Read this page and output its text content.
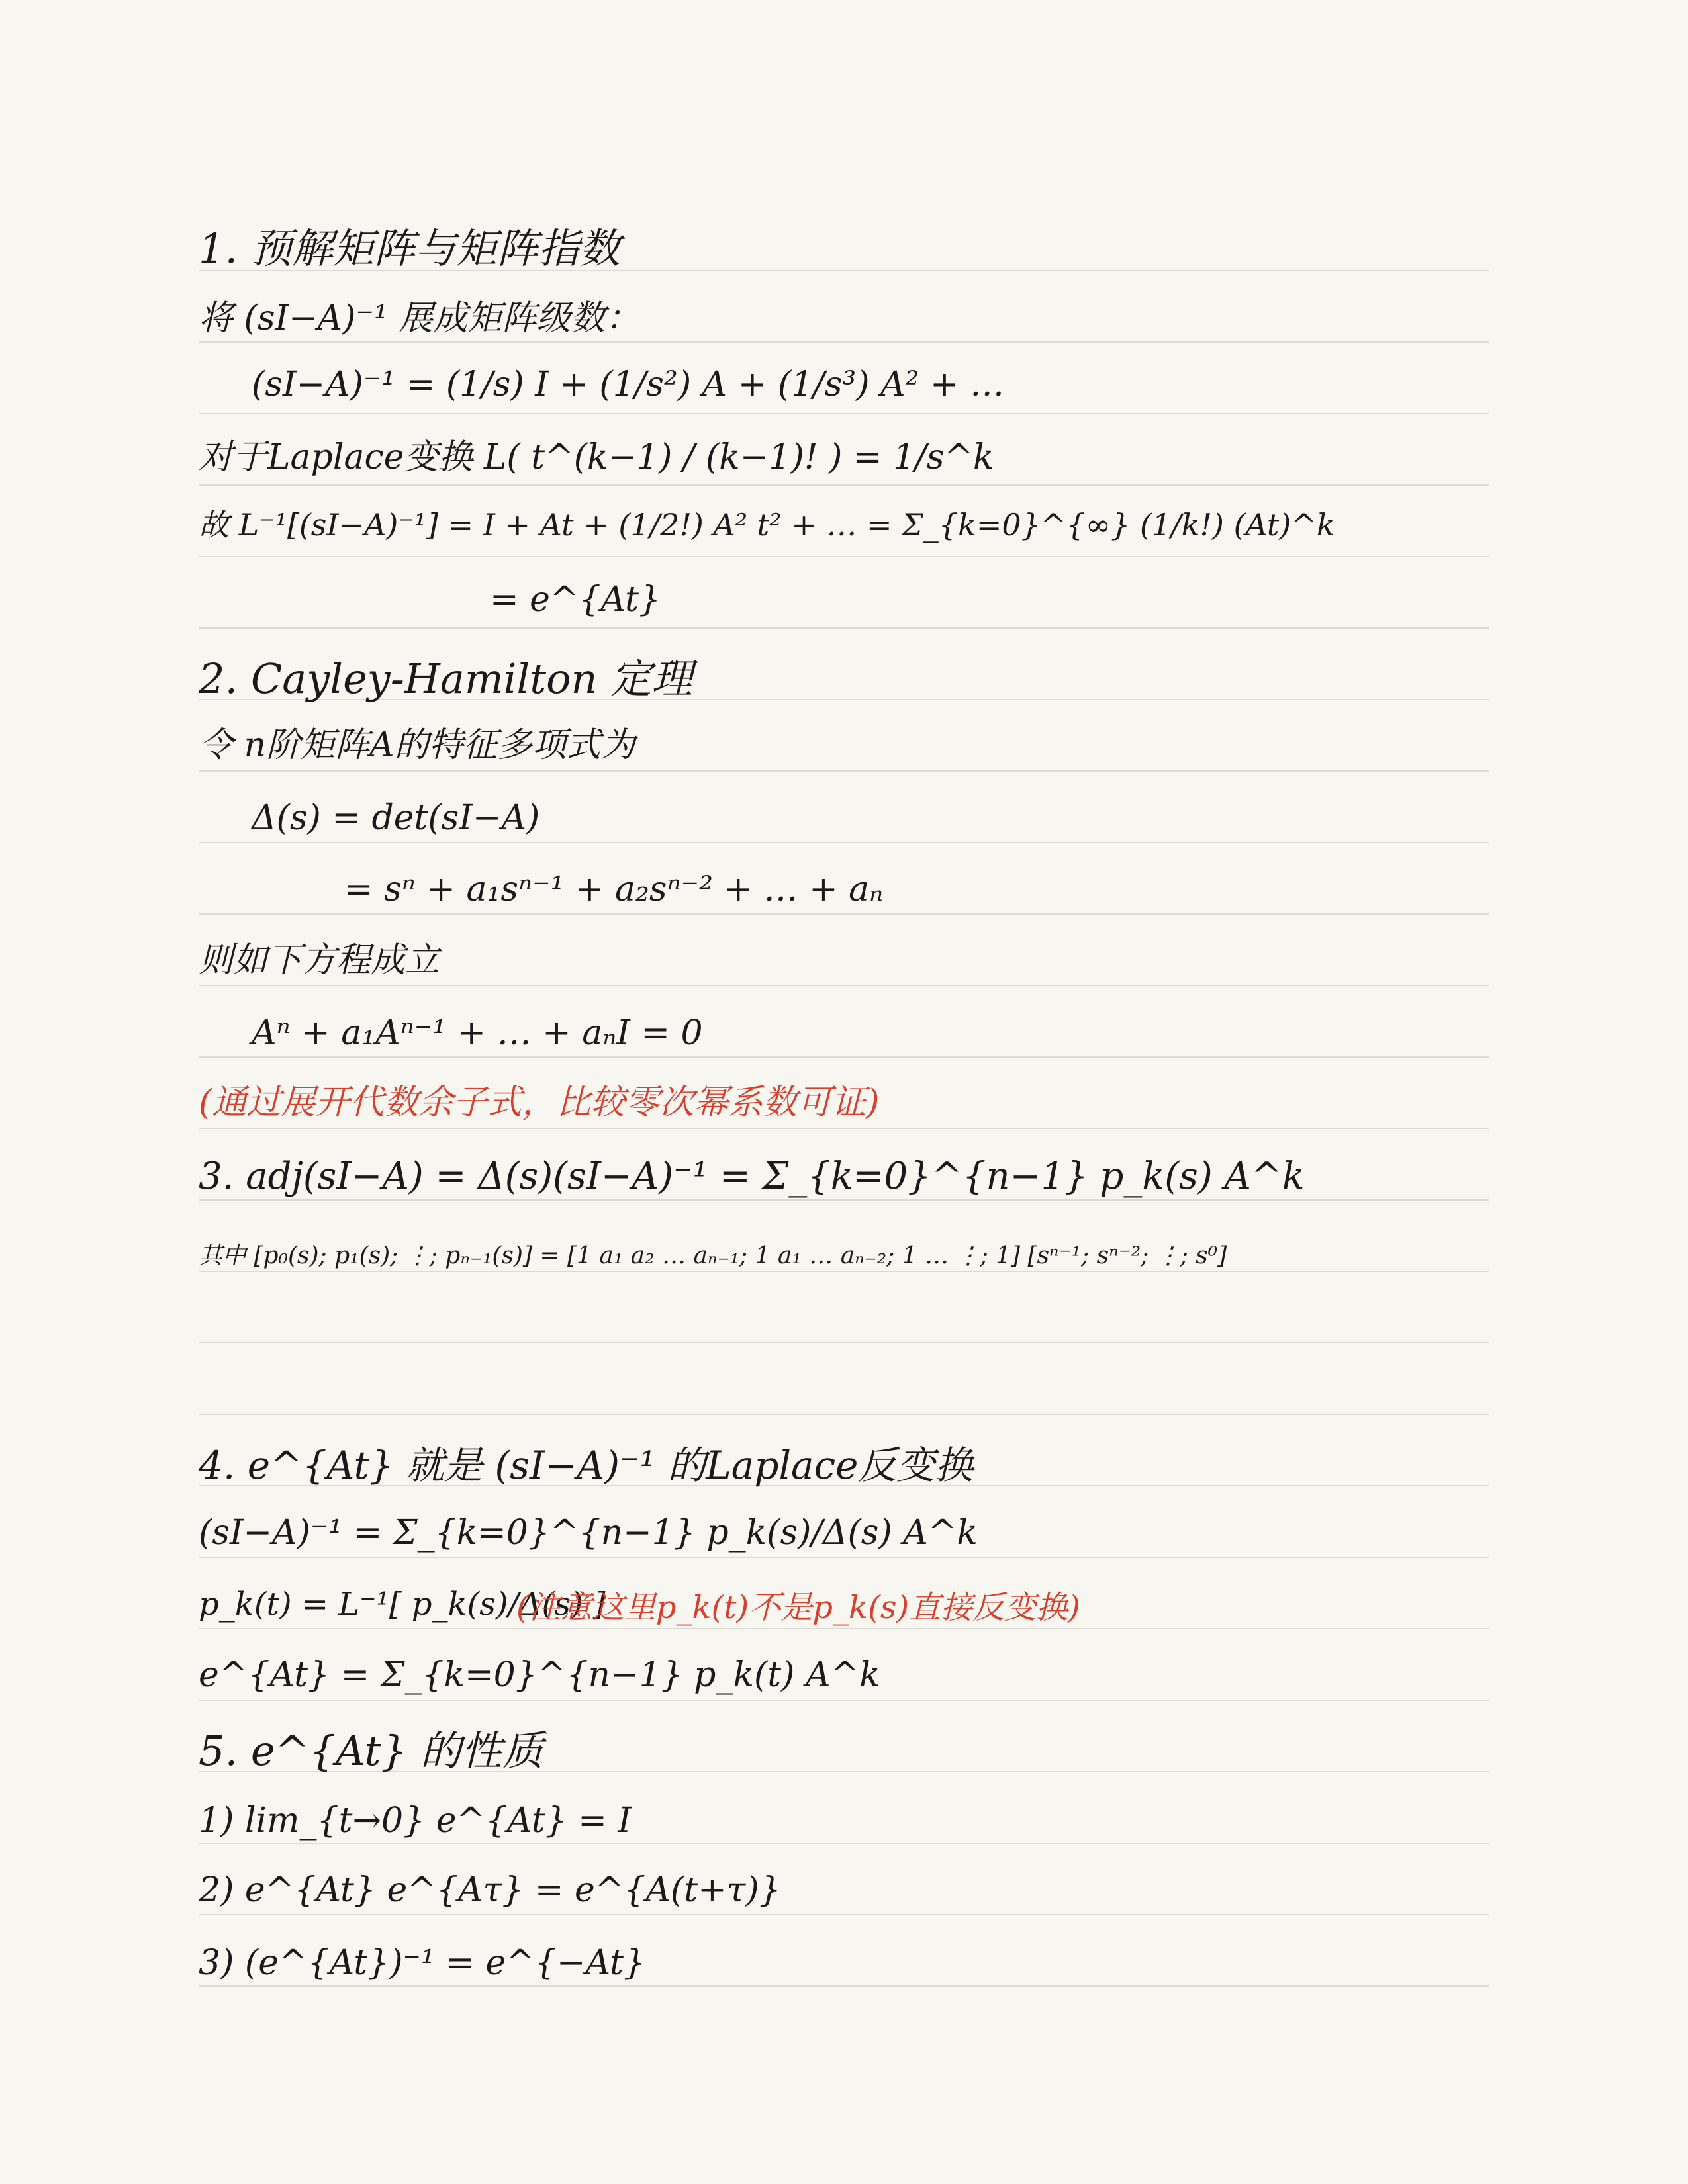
1. 预解矩阵与矩阵指数
将 (sI−A)⁻¹ 展成矩阵级数：
(sI−A)⁻¹ = (1/s) I + (1/s²) A + (1/s³) A² + …
对于Laplace变换 L( t^(k−1) / (k−1)! ) = 1/s^k
故 L⁻¹[(sI−A)⁻¹] = I + At + (1/2!) A² t² + … = Σ_{k=0}^{∞} (1/k!) (At)^k
= e^{At}
2. Cayley-Hamilton 定理
令 n阶矩阵A的特征多项式为
Δ(s) = det(sI−A)
= sⁿ + a₁sⁿ⁻¹ + a₂sⁿ⁻² + … + aₙ
则如下方程成立
Aⁿ + a₁Aⁿ⁻¹ + … + aₙI = 0
(通过展开代数余子式，比较零次幂系数可证)
3. adj(sI−A) = Δ(s)(sI−A)⁻¹ = Σ_{k=0}^{n−1} p_k(s) A^k
其中 [p₀(s); p₁(s); ⋮; pₙ₋₁(s)] = [1 a₁ a₂ … aₙ₋₁; 1 a₁ … aₙ₋₂; 1 … ⋮; 1] [sⁿ⁻¹; sⁿ⁻²; ⋮; s⁰]
4. e^{At} 就是 (sI−A)⁻¹ 的Laplace反变换
(sI−A)⁻¹ = Σ_{k=0}^{n−1} p_k(s)/Δ(s) A^k
p_k(t) = L⁻¹[ p_k(s)/Δ(s) ]
(注意这里p_k(t)不是p_k(s)直接反变换)
e^{At} = Σ_{k=0}^{n−1} p_k(t) A^k
5. e^{At} 的性质
1) lim_{t→0} e^{At} = I
2) e^{At} e^{Aτ} = e^{A(t+τ)}
3) (e^{At})⁻¹ = e^{−At}
